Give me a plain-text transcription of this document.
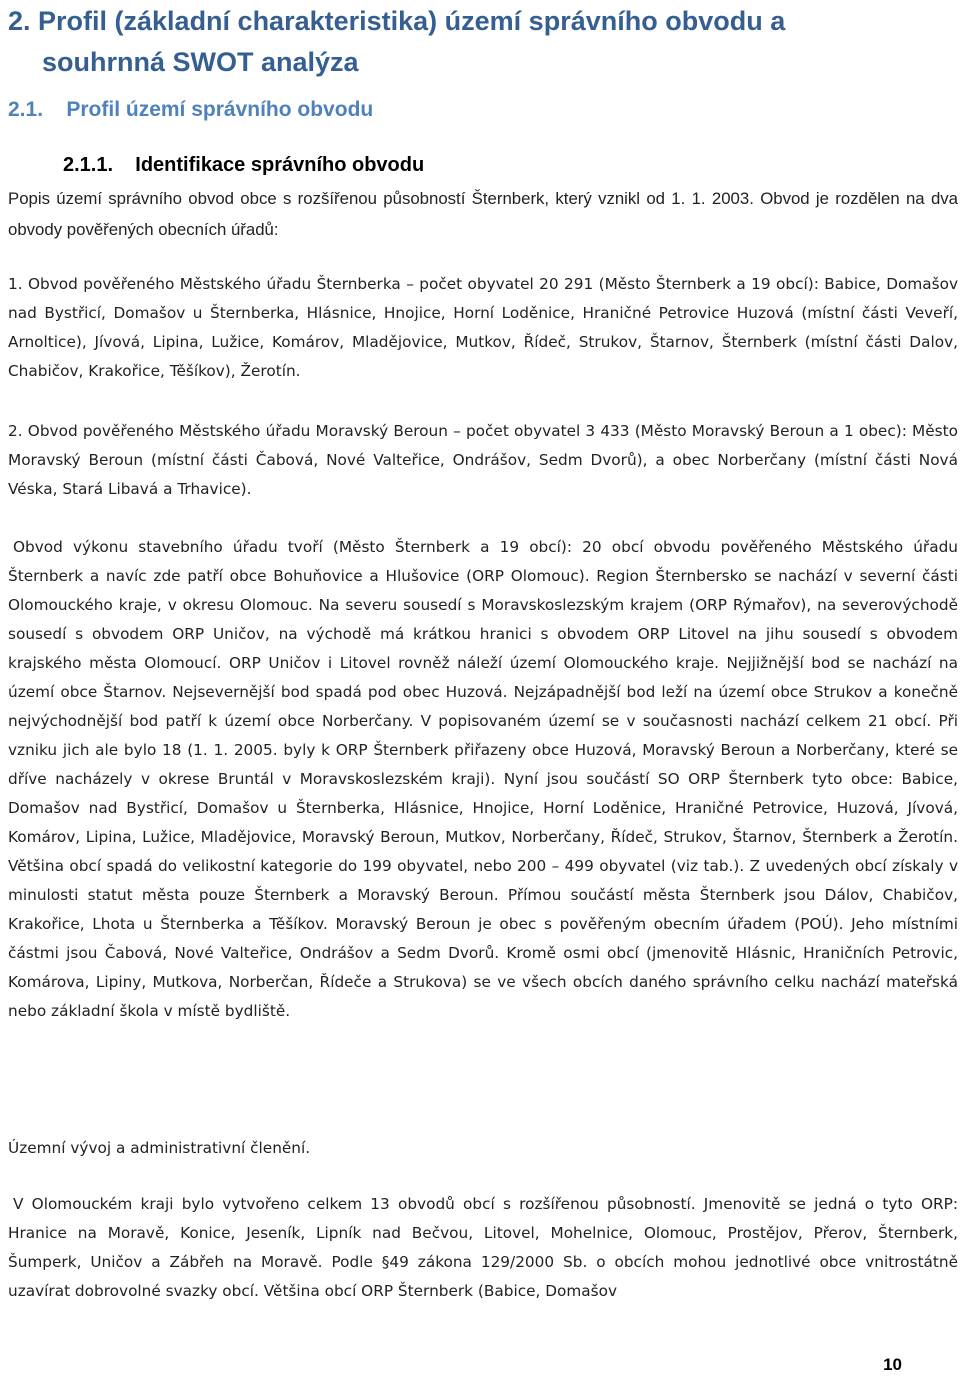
2. Profil (základní charakteristika) území správního obvodu a
souhrnná SWOT analýza
2.1.    Profil území správního obvodu
2.1.1.    Identifikace správního obvodu

Popis území správního obvod obce s rozšířenou působností Šternberk, který vznikl od 1. 1. 2003. Obvod je rozdělen na dva obvody pověřených obecních úřadů:

1. Obvod pověřeného Městského úřadu Šternberka – počet obyvatel 20 291 (Město Šternberk a 19 obcí): Babice, Domašov nad Bystřicí, Domašov u Šternberka, Hlásnice, Hnojice, Horní Loděnice, Hraničné Petrovice Huzová (místní části Veveří, Arnoltice), Jívová, Lipina, Lužice, Komárov, Mladějovice, Mutkov, Řídeč, Strukov, Štarnov, Šternberk (místní části Dalov, Chabičov, Krakořice, Těšíkov), Žerotín.

2. Obvod pověřeného Městského úřadu Moravský Beroun – počet obyvatel 3 433 (Město Moravský Beroun a 1 obec): Město Moravský Beroun (místní části Čabová, Nové Valteřice, Ondrášov, Sedm Dvorů), a obec Norberčany (místní části Nová Véska, Stará Libavá a Trhavice).

Obvod výkonu stavebního úřadu tvoří (Město Šternberk a 19 obcí): 20 obcí obvodu pověřeného Městského úřadu Šternberk a navíc zde patří obce Bohuňovice a Hlušovice (ORP Olomouc). Region Šternbersko se nachází v severní části Olomouckého kraje, v okresu Olomouc. Na severu sousedí s Moravskoslezským krajem (ORP Rýmařov), na severovýchodě sousedí s obvodem ORP Uničov, na východě má krátkou hranici s obvodem ORP Litovel na jihu sousedí s obvodem krajského města Olomoucí. ORP Uničov i Litovel rovněž náleží území Olomouckého kraje. Nejjižnější bod se nachází na území obce Štarnov. Nejsevernější bod spadá pod obec Huzová. Nejzápadnější bod leží na území obce Strukov a konečně nejvýchodnější bod patří k území obce Norberčany. V popisovaném území se v současnosti nachází celkem 21 obcí. Při vzniku jich ale bylo 18 (1. 1. 2005. byly k ORP Šternberk přiřazeny obce Huzová, Moravský Beroun a Norberčany, které se dříve nacházely v okrese Bruntál v Moravskoslezském kraji). Nyní jsou součástí SO ORP Šternberk tyto obce: Babice, Domašov nad Bystřicí, Domašov u Šternberka, Hlásnice, Hnojice, Horní Loděnice, Hraničné Petrovice, Huzová, Jívová, Komárov, Lipina, Lužice, Mladějovice, Moravský Beroun, Mutkov, Norberčany, Řídeč, Strukov, Štarnov, Šternberk a Žerotín. Většina obcí spadá do velikostní kategorie do 199 obyvatel, nebo 200 – 499 obyvatel (viz tab.). Z uvedených obcí získaly v minulosti statut města pouze Šternberk a Moravský Beroun. Přímou součástí města Šternberk jsou Dálov, Chabičov, Krakořice, Lhota u Šternberka a Těšíkov. Moravský Beroun je obec s pověřeným obecním úřadem (POÚ). Jeho místními částmi jsou Čabová, Nové Valteřice, Ondrášov a Sedm Dvorů. Kromě osmi obcí (jmenovitě Hlásnic, Hraničních Petrovic, Komárova, Lipiny, Mutkova, Norberčan, Řídeče a Strukova) se ve všech obcích daného správního celku nachází mateřská nebo základní škola v místě bydliště.

Územní vývoj a administrativní členění.

V Olomouckém kraji bylo vytvořeno celkem 13 obvodů obcí s rozšířenou působností. Jmenovitě se jedná o tyto ORP: Hranice na Moravě, Konice, Jeseník, Lipník nad Bečvou, Litovel, Mohelnice, Olomouc, Prostějov, Přerov, Šternberk, Šumperk, Uničov a Zábřeh na Moravě. Podle §49 zákona 129/2000 Sb. o obcích mohou jednotlivé obce vnitrostátně uzavírat dobrovolné svazky obcí. Většina obcí ORP Šternberk (Babice, Domašov

10
